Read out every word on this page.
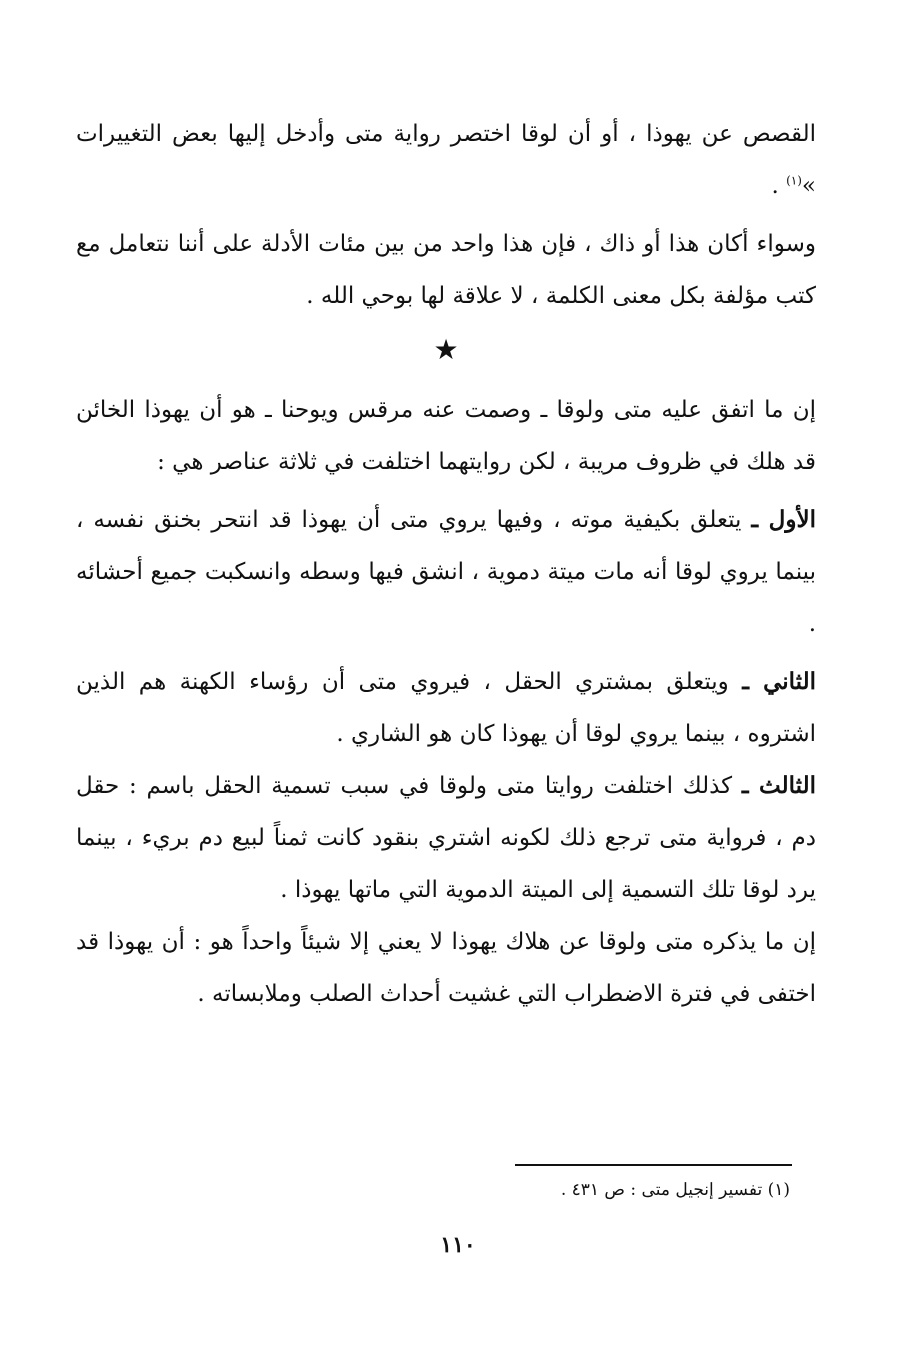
القصص عن يهوذا ، أو أن لوقا اختصر رواية متى وأدخل إليها بعض التغييرات »$^{(١)}$ .

وسواء أكان هذا أو ذاك ، فإن هذا واحد من بين مئات الأدلة على أننا نتعامل مع كتب مؤلفة بكل معنى الكلمة ، لا علاقة لها بوحي الله .

★

إن ما اتفق عليه متى ولوقا ـ وصمت عنه مرقس ويوحنا ـ هو أن يهوذا الخائن قد هلك في ظروف مريبة ، لكن روايتهما اختلفت في ثلاثة عناصر هي :

الأول ـ يتعلق بكيفية موته ، وفيها يروي متى أن يهوذا قد انتحر بخنق نفسه ، بينما يروي لوقا أنه مات ميتة دموية ، انشق فيها وسطه وانسكبت جميع أحشائه .

الثاني ـ ويتعلق بمشتري الحقل ، فيروي متى أن رؤساء الكهنة هم الذين اشتروه ، بينما يروي لوقا أن يهوذا كان هو الشاري .

الثالث ـ كذلك اختلفت روايتا متى ولوقا في سبب تسمية الحقل باسم : حقل دم ، فرواية متى ترجع ذلك لكونه اشتري بنقود كانت ثمناً لبيع دم بريء ، بينما يرد لوقا تلك التسمية إلى الميتة الدموية التي ماتها يهوذا .

إن ما يذكره متى ولوقا عن هلاك يهوذا لا يعني إلا شيئاً واحداً هو : أن يهوذا قد اختفى في فترة الاضطراب التي غشيت أحداث الصلب وملابساته .

(١) تفسير إنجيل متى : ص ٤٣١ .
١١٠
